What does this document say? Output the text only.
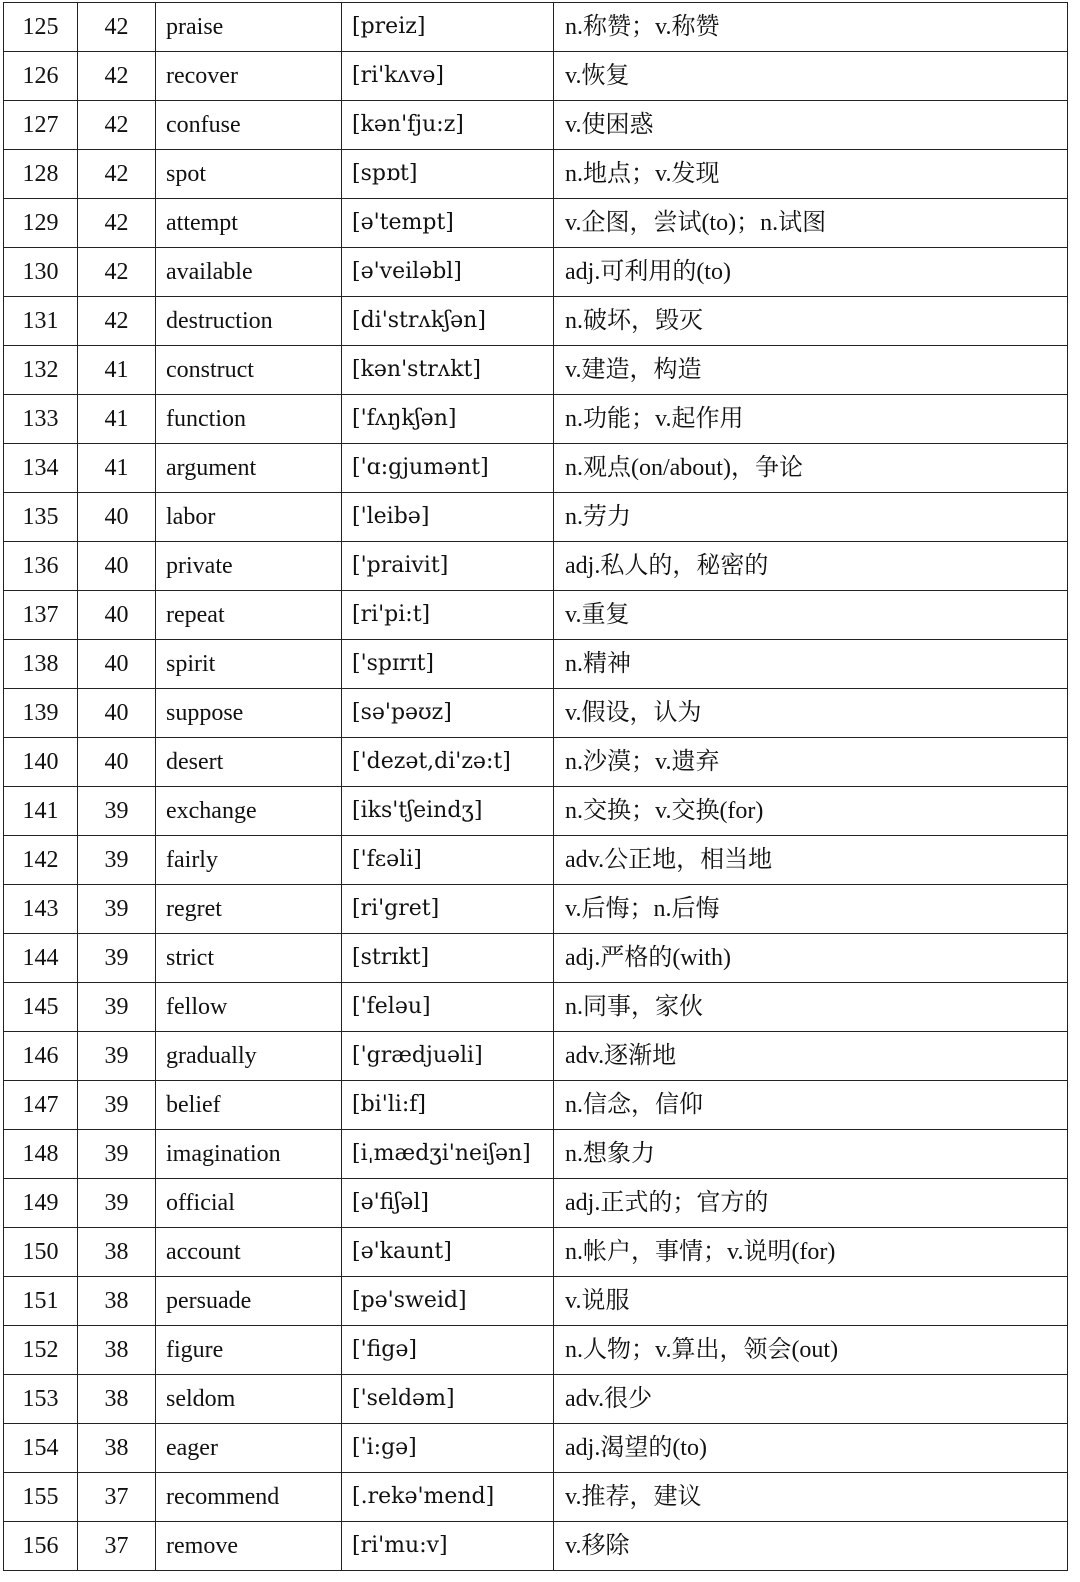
125	42	praise	[preiz]	n.称赞；v.称赞
126	42	recover	[ri'kʌvə]	v.恢复
127	42	confuse	[kən'fju:z]	v.使困惑
128	42	spot	[spɒt]	n.地点；v.发现
129	42	attempt	[ə'tempt]	v.企图，尝试(to)；n.试图
130	42	available	[ə'veiləbl]	adj.可利用的(to)
131	42	destruction	[di'strʌkʃən]	n.破坏，毁灭
132	41	construct	[kən'strʌkt]	v.建造，构造
133	41	function	['fʌŋkʃən]	n.功能；v.起作用
134	41	argument	['ɑ:gjumənt]	n.观点(on/about)，争论
135	40	labor	['leibə]	n.劳力
136	40	private	['praivit]	adj.私人的，秘密的
137	40	repeat	[ri'pi:t]	v.重复
138	40	spirit	['spɪrɪt]	n.精神
139	40	suppose	[sə'pəʊz]	v.假设，认为
140	40	desert	['dezət,di'zə:t]	n.沙漠；v.遗弃
141	39	exchange	[iks'tʃeindʒ]	n.交换；v.交换(for)
142	39	fairly	['fɛəli]	adv.公正地，相当地
143	39	regret	[ri'gret]	v.后悔；n.后悔
144	39	strict	[strɪkt]	adj.严格的(with)
145	39	fellow	['feləu]	n.同事，家伙
146	39	gradually	['grædjuəli]	adv.逐渐地
147	39	belief	[bi'li:f]	n.信念，信仰
148	39	imagination	[iˌmædʒi'neiʃən]	n.想象力
149	39	official	[ə'fiʃəl]	adj.正式的；官方的
150	38	account	[ə'kaunt]	n.帐户，事情；v.说明(for)
151	38	persuade	[pə'sweid]	v.说服
152	38	figure	['figə]	n.人物；v.算出，领会(out)
153	38	seldom	['seldəm]	adv.很少
154	38	eager	['i:gə]	adj.渴望的(to)
155	37	recommend	[.rekə'mend]	v.推荐，建议
156	37	remove	[ri'mu:v]	v.移除
